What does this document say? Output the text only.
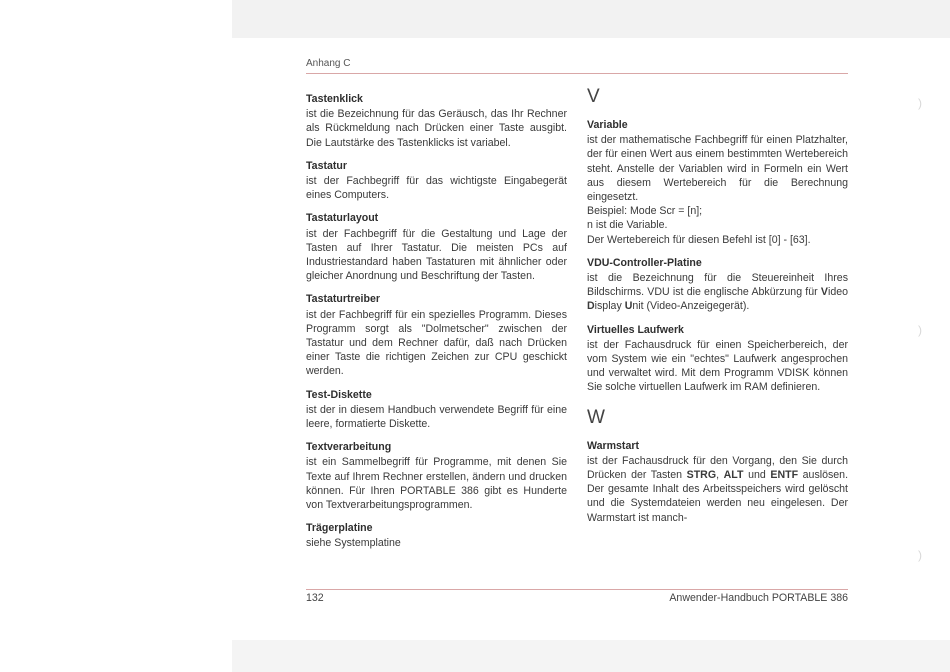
Anhang C
Tastenklick
ist die Bezeichnung für das Geräusch, das Ihr Rechner als Rückmeldung nach Drücken einer Taste ausgibt. Die Lautstärke des Tastenklicks ist variabel.
Tastatur
ist der Fachbegriff für das wichtigste Eingabegerät eines Computers.
Tastaturlayout
ist der Fachbegriff für die Gestaltung und Lage der Tasten auf Ihrer Tastatur. Die meisten PCs auf Industriestandard haben Tastaturen mit ähnlicher oder gleicher Anordnung und Beschriftung der Tasten.
Tastaturtreiber
ist der Fachbegriff für ein spezielles Programm. Dieses Programm sorgt als "Dolmetscher" zwischen der Tastatur und dem Rechner dafür, daß nach Drücken einer Taste die richtigen Zeichen zur CPU geschickt werden.
Test-Diskette
ist der in diesem Handbuch verwendete Begriff für eine leere, formatierte Diskette.
Textverarbeitung
ist ein Sammelbegriff für Programme, mit denen Sie Texte auf Ihrem Rechner erstellen, ändern und drucken können. Für Ihren PORTABLE 386 gibt es Hunderte von Textverarbeitungsprogrammen.
Trägerplatine
siehe Systemplatine
V
Variable
ist der mathematische Fachbegriff für einen Platzhalter, der für einen Wert aus einem bestimmten Wertebereich steht. Anstelle der Variablen wird in Formeln ein Wert aus diesem Wertebereich für die Berechnung eingesetzt.
Beispiel: Mode Scr = [n];
n ist die Variable.
Der Wertebereich für diesen Befehl ist [0] - [63].
VDU-Controller-Platine
ist die Bezeichnung für die Steuereinheit Ihres Bildschirms. VDU ist die englische Abkürzung für Video Display Unit (Video-Anzeigegerät).
Virtuelles Laufwerk
ist der Fachausdruck für einen Speicherbereich, der vom System wie ein "echtes" Laufwerk angesprochen und verwaltet wird. Mit dem Programm VDISK können Sie solche virtuellen Laufwerk im RAM definieren.
W
Warmstart
ist der Fachausdruck für den Vorgang, den Sie durch Drücken der Tasten STRG, ALT und ENTF auslösen. Der gesamte Inhalt des Arbeitsspeichers wird gelöscht und die Systemdateien werden neu eingelesen. Der Warmstart ist manch-
132	Anwender-Handbuch PORTABLE 386
)
)
)
